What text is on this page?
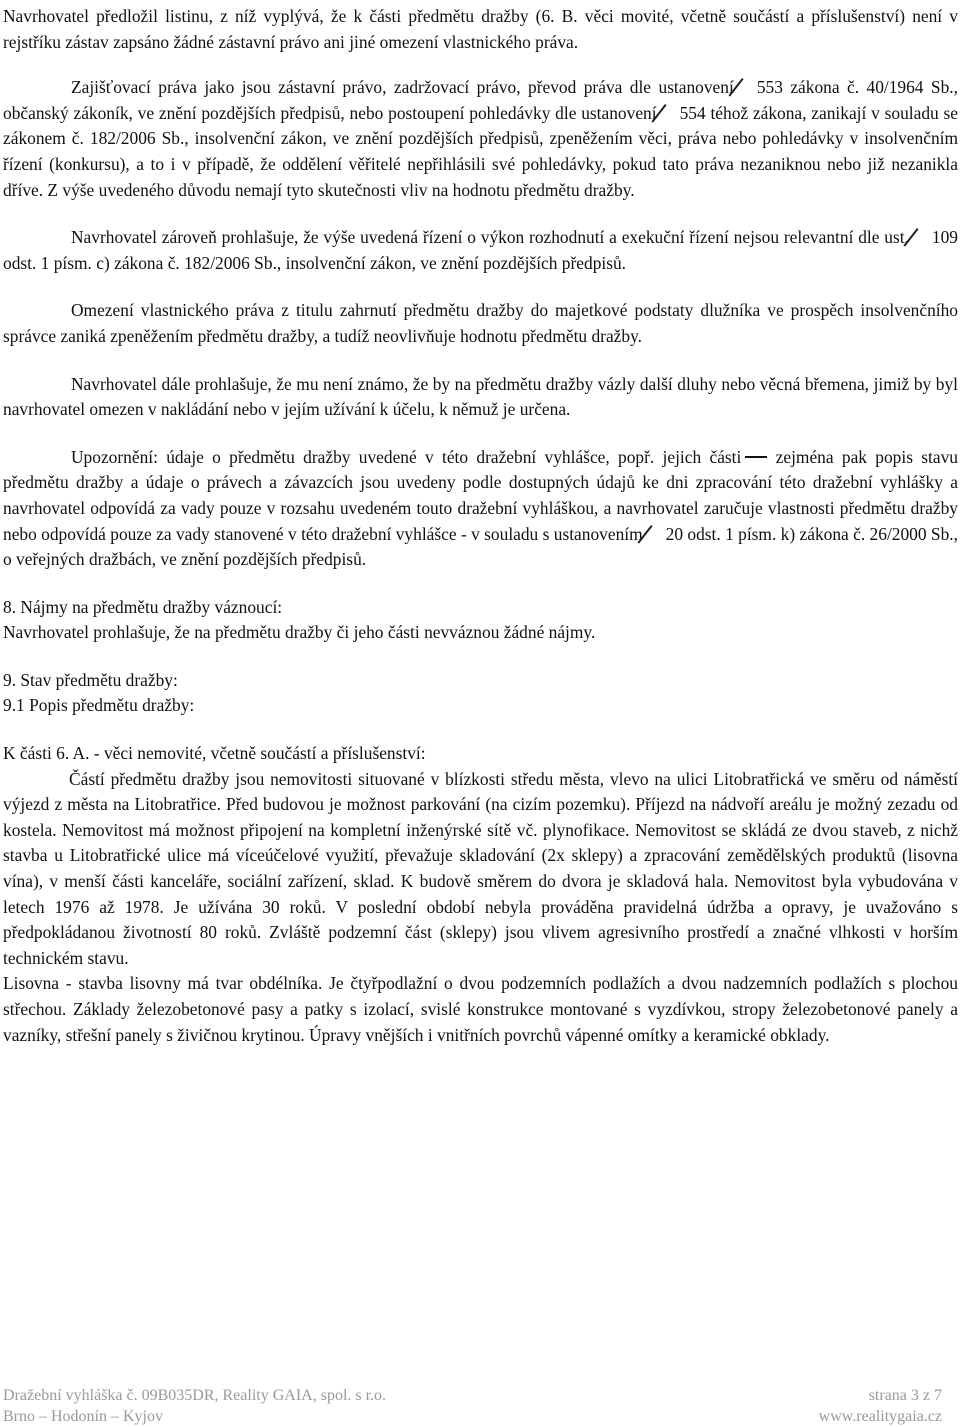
Navrhovatel předložil listinu, z níž vyplývá, že k části předmětu dražby (6. B. věci movité, včetně součástí a příslušenství) není v rejstříku zástav zapsáno žádné zástavní právo ani jiné omezení vlastnického práva.

Zajišťovací práva jako jsou zástavní právo, zadržovací právo, převod práva dle ustanovení 553 zákona č. 40/1964 Sb., občanský zákoník, ve znění pozdějších předpisů, nebo postoupení pohledávky dle ustanovení 554 téhož zákona, zanikají v souladu se zákonem č. 182/2006 Sb., insolvenční zákon, ve znění pozdějších předpisů, zpeněžením věci, práva nebo pohledávky v insolvenčním řízení (konkursu), a to i v případě, že oddělení věřitelé nepřihlásili své pohledávky, pokud tato práva nezaniknou nebo již nezanikla dříve. Z výše uvedeného důvodu nemají tyto skutečnosti vliv na hodnotu předmětu dražby.

Navrhovatel zároveň prohlašuje, že výše uvedená řízení o výkon rozhodnutí a exekuční řízení nejsou relevantní dle ust. 109 odst. 1 písm. c) zákona č. 182/2006 Sb., insolvenční zákon, ve znění pozdějších předpisů.

Omezení vlastnického práva z titulu zahrnutí předmětu dražby do majetkové podstaty dlužníka ve prospěch insolvenčního správce zaniká zpeněžením předmětu dražby, a tudíž neovlivňuje hodnotu předmětu dražby.

Navrhovatel dále prohlašuje, že mu není známo, že by na předmětu dražby vázly další dluhy nebo věcná břemena, jimiž by byl navrhovatel omezen v nakládání nebo v jejím užívání k účelu, k němuž je určena.

Upozornění: údaje o předmětu dražby uvedené v této dražební vyhlášce, popř. jejich části zejména pak popis stavu předmětu dražby a údaje o právech a závazcích jsou uvedeny podle dostupných údajů ke dni zpracování této dražební vyhlášky a navrhovatel odpovídá za vady pouze v rozsahu uvedeném touto dražební vyhláškou, a navrhovatel zaručuje vlastnosti předmětu dražby nebo odpovídá pouze za vady stanovené v této dražební vyhlášce - v souladu s ustanovením 20 odst. 1 písm. k) zákona č. 26/2000 Sb., o veřejných dražbách, ve znění pozdějších předpisů.

8. Nájmy na předmětu dražby váznoucí:

Navrhovatel prohlašuje, že na předmětu dražby či jeho části nevváznou žádné nájmy.

9. Stav předmětu dražby:

9.1 Popis předmětu dražby:

K části 6. A. - věci nemovité, včetně součástí a příslušenství:

Částí předmětu dražby jsou nemovitosti situované v blízkosti středu města, vlevo na ulici Litobratřická ve směru od náměstí výjezd z města na Litobratřice. Před budovou je možnost parkování (na cizím pozemku). Příjezd na nádvoří areálu je možný zezadu od kostela. Nemovitost má možnost připojení na kompletní inženýrské sítě vč. plynofikace. Nemovitost se skládá ze dvou staveb, z nichž stavba u Litobratřické ulice má víceúčelové využití, převažuje skladování (2x sklepy) a zpracování zemědělských produktů (lisovna vína), v menší části kanceláře, sociální zařízení, sklad. K budově směrem do dvora je skladová hala. Nemovitost byla vybudována v letech 1976 až 1978. Je užívána 30 roků. V poslední období nebyla prováděna pravidelná údržba a opravy, je uvažováno s předpokládanou životností 80 roků. Zvláště podzemní část (sklepy) jsou vlivem agresivního prostředí a značné vlhkosti v horším technickém stavu.

Lisovna - stavba lisovny má tvar obdélníka. Je čtyřpodlažní o dvou podzemních podlažích a dvou nadzemních podlažích s plochou střechou. Základy železobetonové pasy a patky s izolací, svislé konstrukce montované s vyzdívkou, stropy železobetonové panely a vazníky, střešní panely s živičnou krytinou. Úpravy vnějších i vnitřních povrchů vápenné omítky a keramické obklady.

Dražební vyhláška č. 09B035DR, Reality GAIA, spol. s r.o.	strana 3 z 7
Brno – Hodonín – Kyjov	www.realitygaia.cz
